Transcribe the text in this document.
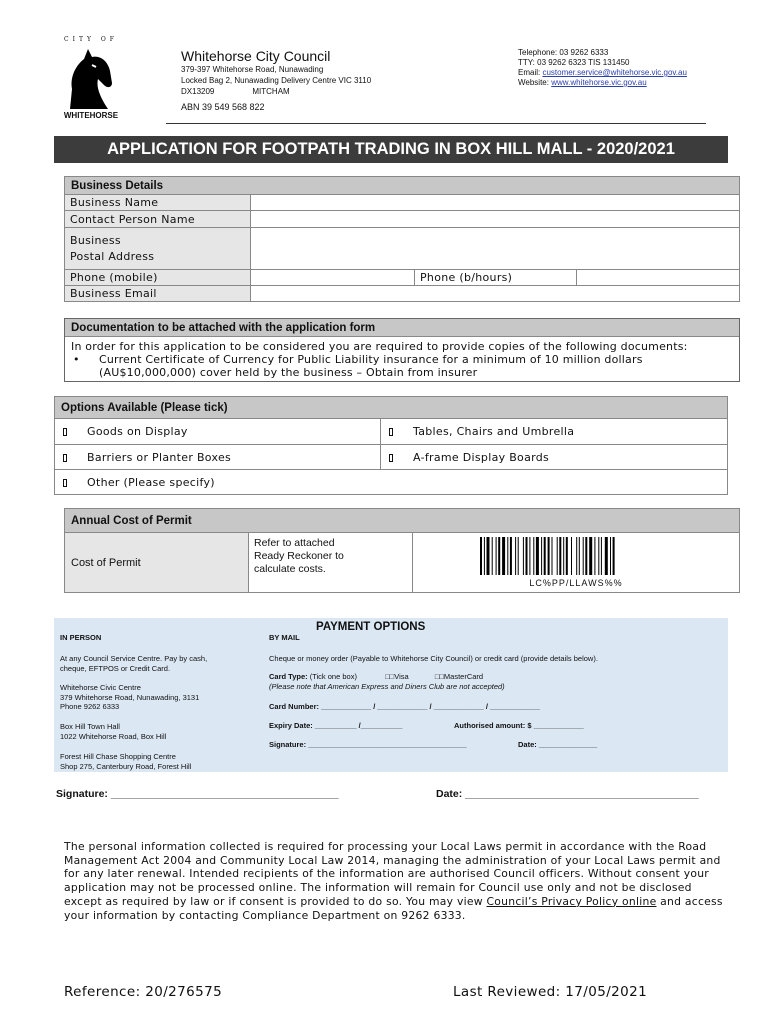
CITY OF
WHITEHORSE
Whitehorse City Council
379-397 Whitehorse Road, Nunawading
Locked Bag 2, Nunawading Delivery Centre VIC 3110
DX13209	MITCHAM
ABN 39 549 568 822
Telephone: 03 9262 6333
TTY: 03 9262 6323 TIS 131450
Email: customer.service@whitehorse.vic.gov.au
Website: www.whitehorse.vic.gov.au
APPLICATION FOR FOOTPATH TRADING IN BOX HILL MALL - 2020/2021
Business Details			
Business Name			
Contact Person Name			

Business
Postal Address			

Phone (mobile)		Phone (b/hours)	
Business Email			
Documentation to be attached with the application form
In order for this application to be considered you are required to provide copies of the following documents:
•	Current Certificate of Currency for Public Liability insurance for a minimum of 10 million dollars
(AU$10,000,000) cover held by the business – Obtain from insurer
Options Available (Please tick)	
Goods on Display	Tables, Chairs and Umbrella
Barriers or Planter Boxes	A-frame Display Boards
Other (Please specify)	
Annual Cost of Permit
Cost of Permit	
Refer to attached
Ready Reckoner to
calculate costs.

LC%PP/LLAWS%%
PAYMENT OPTIONS
IN PERSON	BY MAIL
At any Council Service Centre. Pay by cash,
cheque, EFTPOS or Credit Card.
Whitehorse Civic Centre
379 Whitehorse Road, Nunawading, 3131
Phone 9262 6333
Box Hill Town Hall
1022 Whitehorse Road, Box Hill
Forest Hill Chase Shopping Centre
Shop 275, Canterbury Road, Forest Hill
Cheque or money order (Payable to Whitehorse City Council) or credit card (provide details below).
Card Type: (Tick one box)	□□Visa	□□MasterCard
(Please note that American Express and Diners Club are not accepted)
Card Number: ____________ / ____________ / ____________ / ____________
Expiry Date: __________ /__________	Authorised amount: $ ____________
Signature: ______________________________________	Date: ______________
Signature: _______________________________________	Date: ________________________________________
The personal information collected is required for processing your Local Laws permit in accordance with the Road Management Act 2004 and Community Local Law 2014, managing the administration of your Local Laws permit and for any later renewal. Intended recipients of the information are authorised Council officers. Without consent your application may not be processed online. The information will remain for Council use only and not be disclosed except as required by law or if consent is provided to do so. You may view Council’s Privacy Policy online and access your information by contacting Compliance Department on 9262 6333.
Reference: 20/276575	Last Reviewed: 17/05/2021
